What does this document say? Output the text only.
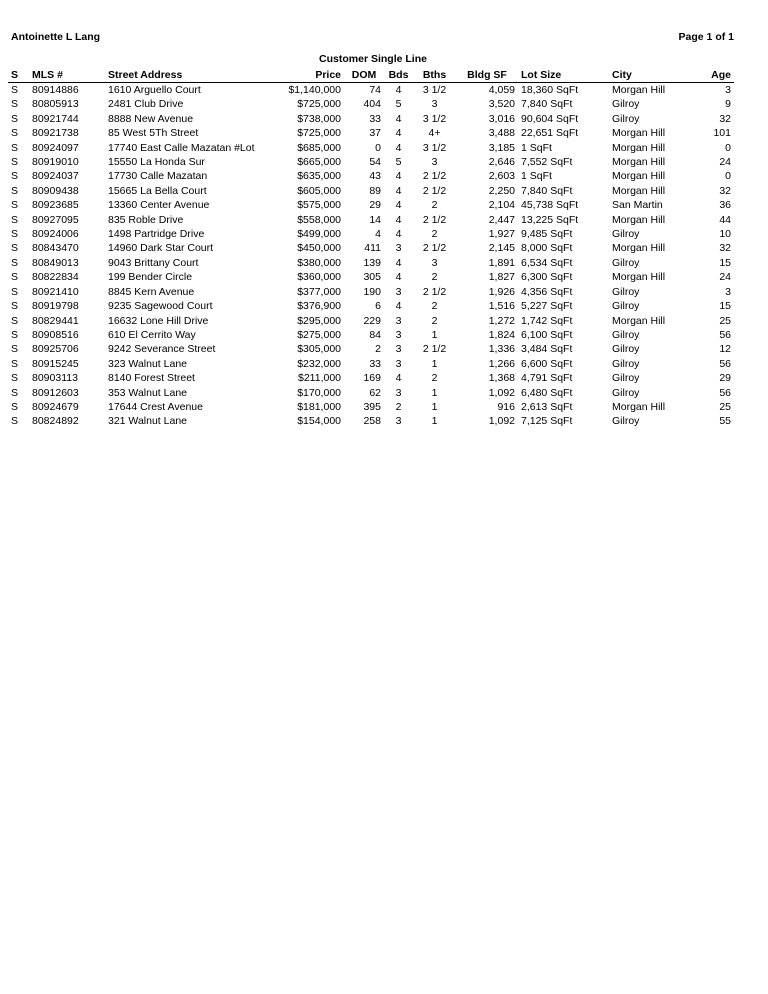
Antoinette L Lang	Page 1 of 1
Customer Single Line
S	MLS #	Street Address	Price	DOM	Bds	Bths	Bldg SF	Lot Size	City	Age
S	80914886	1610 Arguello Court	$1,140,000	74	4	3 1/2	4,059	18,360 SqFt	Morgan Hill	3
S	80805913	2481 Club Drive	$725,000	404	5	3	3,520	7,840 SqFt	Gilroy	9
S	80921744	8888 New Avenue	$738,000	33	4	3 1/2	3,016	90,604 SqFt	Gilroy	32
S	80921738	85 West 5Th Street	$725,000	37	4	4+	3,488	22,651 SqFt	Morgan Hill	101
S	80924097	17740 East Calle Mazatan #Lot	$685,000	0	4	3 1/2	3,185	1 SqFt	Morgan Hill	0
S	80919010	15550 La Honda Sur	$665,000	54	5	3	2,646	7,552 SqFt	Morgan Hill	24
S	80924037	17730 Calle Mazatan	$635,000	43	4	2 1/2	2,603	1 SqFt	Morgan Hill	0
S	80909438	15665 La Bella Court	$605,000	89	4	2 1/2	2,250	7,840 SqFt	Morgan Hill	32
S	80923685	13360 Center Avenue	$575,000	29	4	2	2,104	45,738 SqFt	San Martin	36
S	80927095	835 Roble Drive	$558,000	14	4	2 1/2	2,447	13,225 SqFt	Morgan Hill	44
S	80924006	1498 Partridge Drive	$499,000	4	4	2	1,927	9,485 SqFt	Gilroy	10
S	80843470	14960 Dark Star Court	$450,000	411	3	2 1/2	2,145	8,000 SqFt	Morgan Hill	32
S	80849013	9043 Brittany Court	$380,000	139	4	3	1,891	6,534 SqFt	Gilroy	15
S	80822834	199 Bender Circle	$360,000	305	4	2	1,827	6,300 SqFt	Morgan Hill	24
S	80921410	8845 Kern Avenue	$377,000	190	3	2 1/2	1,926	4,356 SqFt	Gilroy	3
S	80919798	9235 Sagewood Court	$376,900	6	4	2	1,516	5,227 SqFt	Gilroy	15
S	80829441	16632 Lone Hill Drive	$295,000	229	3	2	1,272	1,742 SqFt	Morgan Hill	25
S	80908516	610 El Cerrito Way	$275,000	84	3	1	1,824	6,100 SqFt	Gilroy	56
S	80925706	9242 Severance Street	$305,000	2	3	2 1/2	1,336	3,484 SqFt	Gilroy	12
S	80915245	323 Walnut Lane	$232,000	33	3	1	1,266	6,600 SqFt	Gilroy	56
S	80903113	8140 Forest Street	$211,000	169	4	2	1,368	4,791 SqFt	Gilroy	29
S	80912603	353 Walnut Lane	$170,000	62	3	1	1,092	6,480 SqFt	Gilroy	56
S	80924679	17644 Crest Avenue	$181,000	395	2	1	916	2,613 SqFt	Morgan Hill	25
S	80824892	321 Walnut Lane	$154,000	258	3	1	1,092	7,125 SqFt	Gilroy	55
